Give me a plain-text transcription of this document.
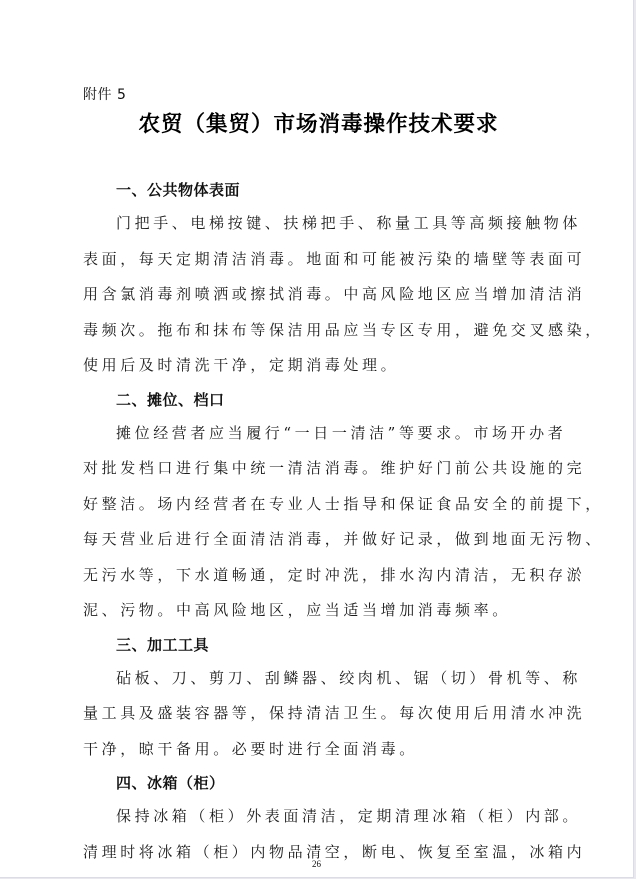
附件 5
农贸（集贸）市场消毒操作技术要求
一、公共物体表面

门把手、电梯按键、扶梯把手、称量工具等高频接触物体
表面，每天定期清洁消毒。地面和可能被污染的墙壁等表面可
用含氯消毒剂喷洒或擦拭消毒。中高风险地区应当增加清洁消
毒频次。拖布和抹布等保洁用品应当专区专用，避免交叉感染，
使用后及时清洗干净，定期消毒处理。

二、摊位、档口

摊位经营者应当履行“一日一清洁”等要求。市场开办者
对批发档口进行集中统一清洁消毒。维护好门前公共设施的完
好整洁。场内经营者在专业人士指导和保证食品安全的前提下，
每天营业后进行全面清洁消毒，并做好记录，做到地面无污物、
无污水等，下水道畅通，定时冲洗，排水沟内清洁，无积存淤
泥、污物。中高风险地区，应当适当增加消毒频率。

三、加工工具

砧板、刀、剪刀、刮鳞器、绞肉机、锯（切）骨机等、称
量工具及盛装容器等，保持清洁卫生。每次使用后用清水冲洗
干净，晾干备用。必要时进行全面消毒。

四、冰箱（柜）

保持冰箱（柜）外表面清洁，定期清理冰箱（柜）内部。
清理时将冰箱（柜）内物品清空，断电、恢复至室温，冰箱内

26
